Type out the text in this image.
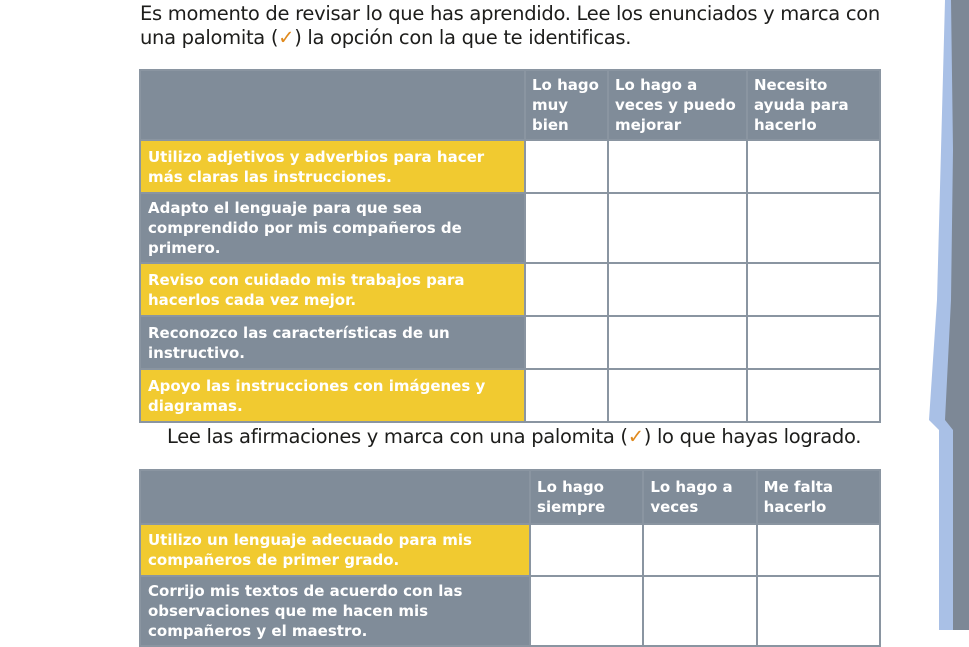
Es momento de revisar lo que has aprendido. Lee los enunciados y marca con una palomita (✓) la opción con la que te identificas.

	Lo hago muy bien	Lo hago a veces y puedo mejorar	Necesito ayuda para hacerlo
Utilizo adjetivos y adverbios para hacer más claras las instrucciones.			
Adapto el lenguaje para que sea comprendido por mis compañeros de primero.			
Reviso con cuidado mis trabajos para hacerlos cada vez mejor.			
Reconozco las características de un instructivo.			
Apoyo las instrucciones con imágenes y diagramas.			

Lee las afirmaciones y marca con una palomita (✓) lo que hayas logrado.

	Lo hago siempre	Lo hago a veces	Me falta hacerlo
Utilizo un lenguaje adecuado para mis compañeros de primer grado.			
Corrijo mis textos de acuerdo con las observaciones que me hacen mis compañeros y el maestro.			
